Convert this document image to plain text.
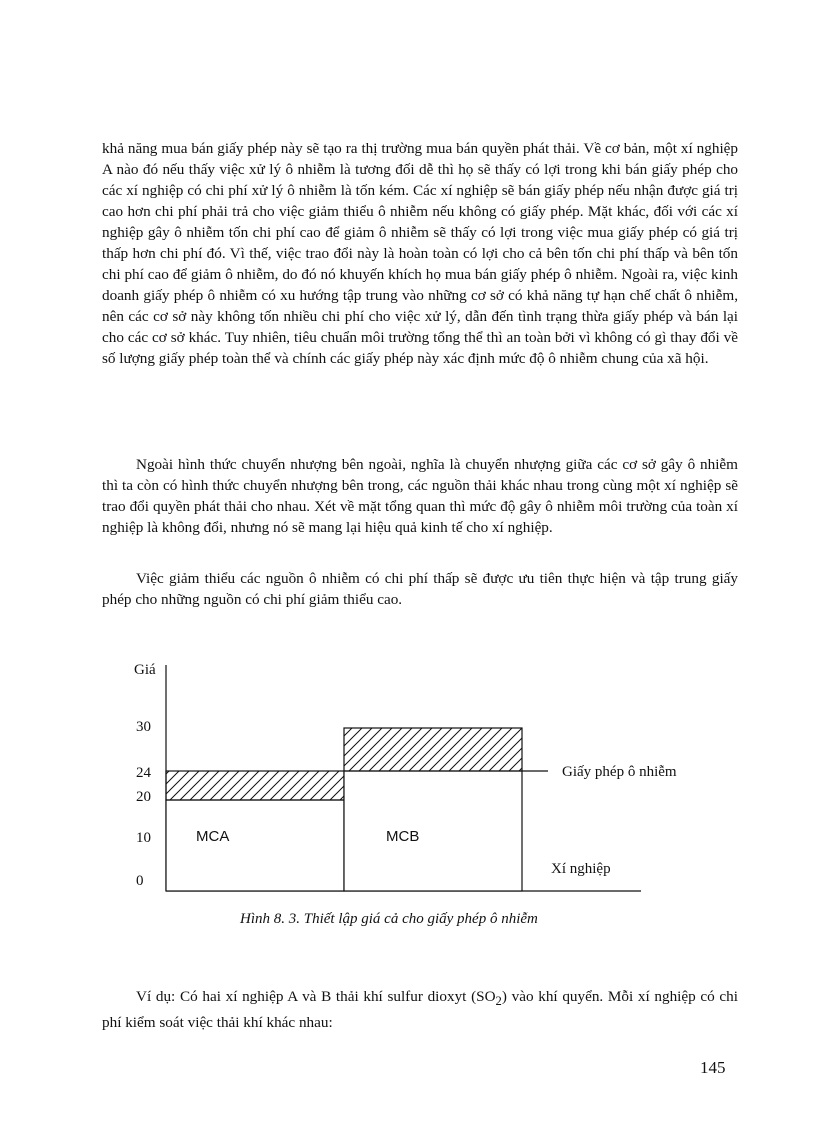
khả năng mua bán giấy phép này sẽ tạo ra thị trường mua bán quyền phát thải. Về cơ bản, một xí nghiệp A nào đó nếu thấy việc xử lý ô nhiễm là tương đối dễ thì họ sẽ thấy có lợi trong khi bán giấy phép cho các xí nghiệp có chi phí xử lý ô nhiễm là tốn kém. Các xí nghiệp sẽ bán giấy phép nếu nhận được giá trị cao hơn chi phí phải trả cho việc giảm thiểu ô nhiễm nếu không có giấy phép. Mặt khác, đối với các xí nghiệp gây ô nhiễm tốn chi phí cao để giảm ô nhiễm sẽ thấy có lợi trong việc mua giấy phép có giá trị thấp hơn chi phí đó. Vì thế, việc trao đổi này là hoàn toàn có lợi cho cả bên tốn chi phí thấp và bên tốn chi phí cao để giảm ô nhiễm, do đó nó khuyến khích họ mua bán giấy phép ô nhiễm. Ngoài ra, việc kinh doanh giấy phép ô nhiễm có xu hướng tập trung vào những cơ sở có khả năng tự hạn chế chất ô nhiễm, nên các cơ sở này không tốn nhiều chi phí cho việc xử lý, dẫn đến tình trạng thừa giấy phép và bán lại cho các cơ sở khác. Tuy nhiên, tiêu chuẩn môi trường tổng thể thì an toàn bởi vì không có gì thay đổi về số lượng giấy phép toàn thể và chính các giấy phép này xác định mức độ ô nhiễm chung của xã hội.

Ngoài hình thức chuyển nhượng bên ngoài, nghĩa là chuyển nhượng giữa các cơ sở gây ô nhiễm thì ta còn có hình thức chuyển nhượng bên trong, các nguồn thải khác nhau trong cùng một xí nghiệp sẽ trao đổi quyền phát thải cho nhau. Xét về mặt tổng quan thì mức độ gây ô nhiễm môi trường của toàn xí nghiệp là không đổi, nhưng nó sẽ mang lại hiệu quả kinh tế cho xí nghiệp.

Việc giảm thiểu các nguồn ô nhiễm có chi phí thấp sẽ được ưu tiên thực hiện và tập trung giấy phép cho những nguồn có chi phí giảm thiểu cao.

Giá
Xí nghiệp
0
10
20
24
30
MCA	MCB
Giấy phép ô nhiễm

Hình 8. 3. Thiết lập giá cả cho giấy phép ô nhiễm

Ví dụ: Có hai xí nghiệp A và B thải khí sulfur dioxyt $(SO_2)$ vào khí quyển. Mỗi xí nghiệp có chi phí kiểm soát việc thải khí khác nhau:

145
